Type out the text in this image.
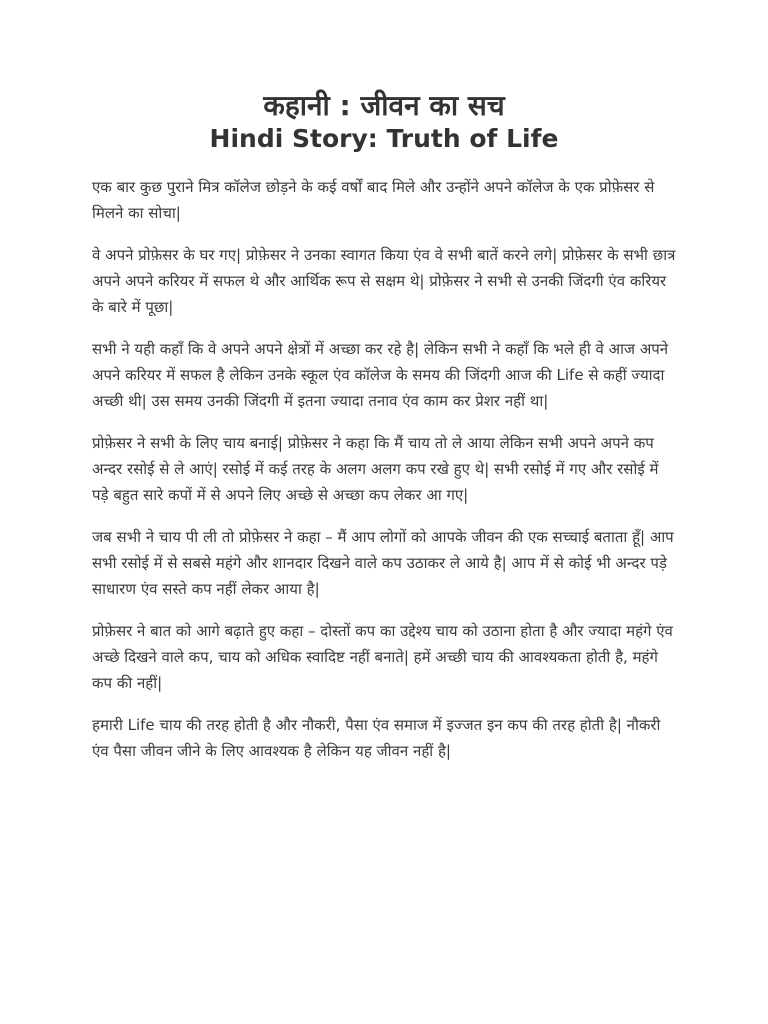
कहानी : जीवन का सच
Hindi Story: Truth of Life

एक बार कुछ पुराने मित्र कॉलेज छोड़ने के कई वर्षों बाद मिले और उन्होंने अपने कॉलेज के एक प्रोफ़ेसर से मिलने का सोचा|

वे अपने प्रोफ़ेसर के घर गए| प्रोफ़ेसर ने उनका स्वागत किया एंव वे सभी बातें करने लगे| प्रोफ़ेसर के सभी छात्र अपने अपने करियर में सफल थे और आर्थिक रूप से सक्षम थे| प्रोफ़ेसर ने सभी से उनकी जिंदगी एंव करियर के बारे में पूछा|

सभी ने यही कहाँ कि वे अपने अपने क्षेत्रों में अच्छा कर रहे है| लेकिन सभी ने कहाँ कि भले ही वे आज अपने अपने करियर में सफल है लेकिन उनके स्कूल एंव कॉलेज के समय की जिंदगी आज की Life से कहीं ज्यादा अच्छी थी| उस समय उनकी जिंदगी में इतना ज्यादा तनाव एंव काम कर प्रेशर नहीं था|

प्रोफ़ेसर ने सभी के लिए चाय बनाई| प्रोफ़ेसर ने कहा कि मैं चाय तो ले आया लेकिन सभी अपने अपने कप अन्दर रसोई से ले आएं| रसोई में कई तरह के अलग अलग कप रखे हुए थे| सभी रसोई में गए और रसोई में पड़े बहुत सारे कपों में से अपने लिए अच्छे से अच्छा कप लेकर आ गए|

जब सभी ने चाय पी ली तो प्रोफ़ेसर ने कहा – मैं आप लोगों को आपके जीवन की एक सच्चाई बताता हूँ| आप सभी रसोई में से सबसे महंगे और शानदार दिखने वाले कप उठाकर ले आये है| आप में से कोई भी अन्दर पड़े साधारण एंव सस्ते कप नहीं लेकर आया है|

प्रोफ़ेसर ने बात को आगे बढ़ाते हुए कहा – दोस्तों कप का उद्देश्य चाय को उठाना होता है और ज्यादा महंगे एंव अच्छे दिखने वाले कप, चाय को अधिक स्वादिष्ट नहीं बनाते| हमें अच्छी चाय की आवश्यकता होती है, महंगे कप की नहीं|

हमारी Life चाय की तरह होती है और नौकरी, पैसा एंव समाज में इज्जत इन कप की तरह होती है| नौकरी एंव पैसा जीवन जीने के लिए आवश्यक है लेकिन यह जीवन नहीं है|
